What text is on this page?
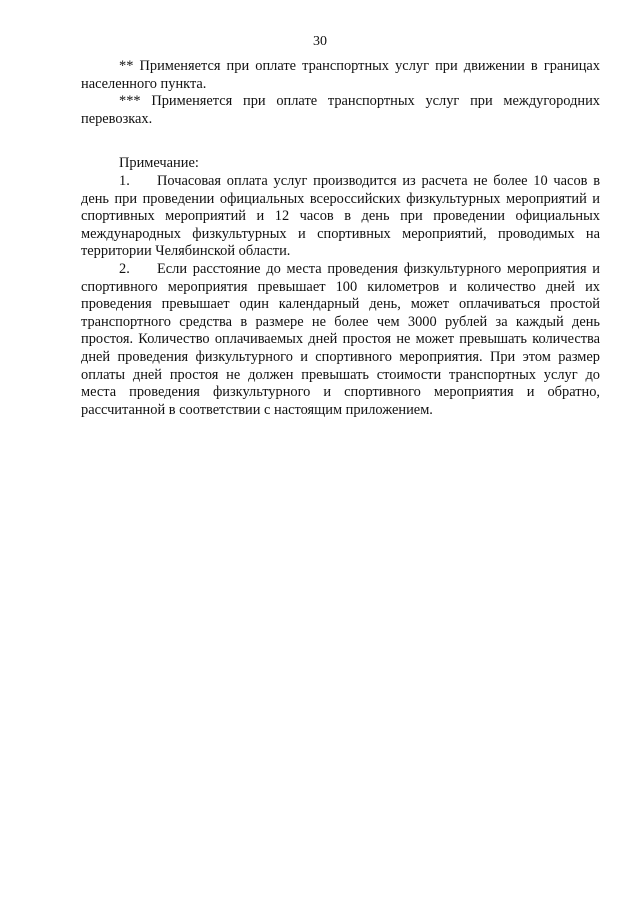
30

** Применяется при оплате транспортных услуг при движении в границах населенного пункта.

*** Применяется при оплате транспортных услуг при междугородних перевозках.

Примечание:

1. Почасовая оплата услуг производится из расчета не более 10 часов в день при проведении официальных всероссийских физкультурных мероприятий и спортивных мероприятий и 12 часов в день при проведении официальных международных физкультурных и спортивных мероприятий, проводимых на территории Челябинской области.

2. Если расстояние до места проведения физкультурного мероприятия и спортивного мероприятия превышает 100 километров и количество дней их проведения превышает один календарный день, может оплачиваться простой транспортного средства в размере не более чем 3000 рублей за каждый день простоя. Количество оплачиваемых дней простоя не может превышать количества дней проведения физкультурного и спортивного мероприятия. При этом размер оплаты дней простоя не должен превышать стоимости транспортных услуг до места проведения физкультурного и спортивного мероприятия и обратно, рассчитанной в соответствии с настоящим приложением.
